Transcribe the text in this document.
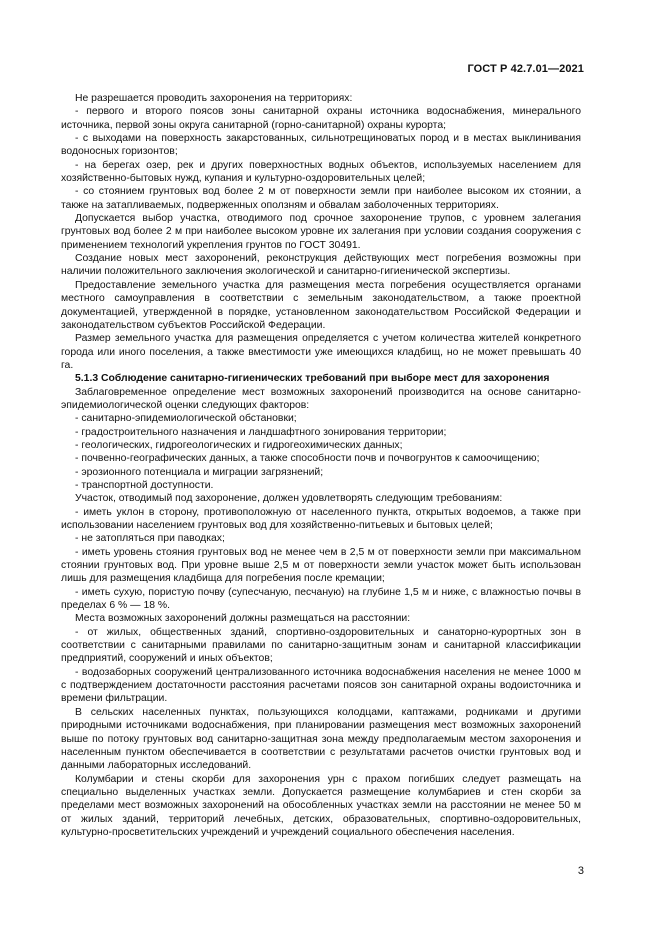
ГОСТ Р 42.7.01—2021

Не разрешается проводить захоронения на территориях:

- первого и второго поясов зоны санитарной охраны источника водоснабжения, минерального источника, первой зоны округа санитарной (горно-санитарной) охраны курорта;

- с выходами на поверхность закарстованных, сильнотрещиноватых пород и в местах выклинивания водоносных горизонтов;

- на берегах озер, рек и других поверхностных водных объектов, используемых населением для хозяйственно-бытовых нужд, купания и культурно-оздоровительных целей;

- со стоянием грунтовых вод более 2 м от поверхности земли при наиболее высоком их стоянии, а также на затапливаемых, подверженных оползням и обвалам заболоченных территориях.

Допускается выбор участка, отводимого под срочное захоронение трупов, с уровнем залегания грунтовых вод более 2 м при наиболее высоком уровне их залегания при условии создания сооружения с применением технологий укрепления грунтов по ГОСТ 30491.

Создание новых мест захоронений, реконструкция действующих мест погребения возможны при наличии положительного заключения экологической и санитарно-гигиенической экспертизы.

Предоставление земельного участка для размещения места погребения осуществляется органами местного самоуправления в соответствии с земельным законодательством, а также проектной документацией, утвержденной в порядке, установленном законодательством Российской Федерации и законодательством субъектов Российской Федерации.

Размер земельного участка для размещения определяется с учетом количества жителей конкретного города или иного поселения, а также вместимости уже имеющихся кладбищ, но не может превышать 40 га.

5.1.3 Соблюдение санитарно-гигиенических требований при выборе мест для захоронения

Заблаговременное определение мест возможных захоронений производится на основе санитарно-эпидемиологической оценки следующих факторов:

- санитарно-эпидемиологической обстановки;

- градостроительного назначения и ландшафтного зонирования территории;

- геологических, гидрогеологических и гидрогеохимических данных;

- почвенно-географических данных, а также способности почв и почвогрунтов к самоочищению;

- эрозионного потенциала и миграции загрязнений;

- транспортной доступности.

Участок, отводимый под захоронение, должен удовлетворять следующим требованиям:

- иметь уклон в сторону, противоположную от населенного пункта, открытых водоемов, а также при использовании населением грунтовых вод для хозяйственно-питьевых и бытовых целей;

- не затопляться при паводках;

- иметь уровень стояния грунтовых вод не менее чем в 2,5 м от поверхности земли при максимальном стоянии грунтовых вод. При уровне выше 2,5 м от поверхности земли участок может быть использован лишь для размещения кладбища для погребения после кремации;

- иметь сухую, пористую почву (супесчаную, песчаную) на глубине 1,5 м и ниже, с влажностью почвы в пределах 6 % — 18 %.

Места возможных захоронений должны размещаться на расстоянии:

- от жилых, общественных зданий, спортивно-оздоровительных и санаторно-курортных зон в соответствии с санитарными правилами по санитарно-защитным зонам и санитарной классификации предприятий, сооружений и иных объектов;

- водозаборных сооружений централизованного источника водоснабжения населения не менее 1000 м с подтверждением достаточности расстояния расчетами поясов зон санитарной охраны водоисточника и времени фильтрации.

В сельских населенных пунктах, пользующихся колодцами, каптажами, родниками и другими природными источниками водоснабжения, при планировании размещения мест возможных захоронений выше по потоку грунтовых вод санитарно-защитная зона между предполагаемым местом захоронения и населенным пунктом обеспечивается в соответствии с результатами расчетов очистки грунтовых вод и данными лабораторных исследований.

Колумбарии и стены скорби для захоронения урн с прахом погибших следует размещать на специально выделенных участках земли. Допускается размещение колумбариев и стен скорби за пределами мест возможных захоронений на обособленных участках земли на расстоянии не менее 50 м от жилых зданий, территорий лечебных, детских, образовательных, спортивно-оздоровительных, культурно-просветительских учреждений и учреждений социального обеспечения населения.

3
